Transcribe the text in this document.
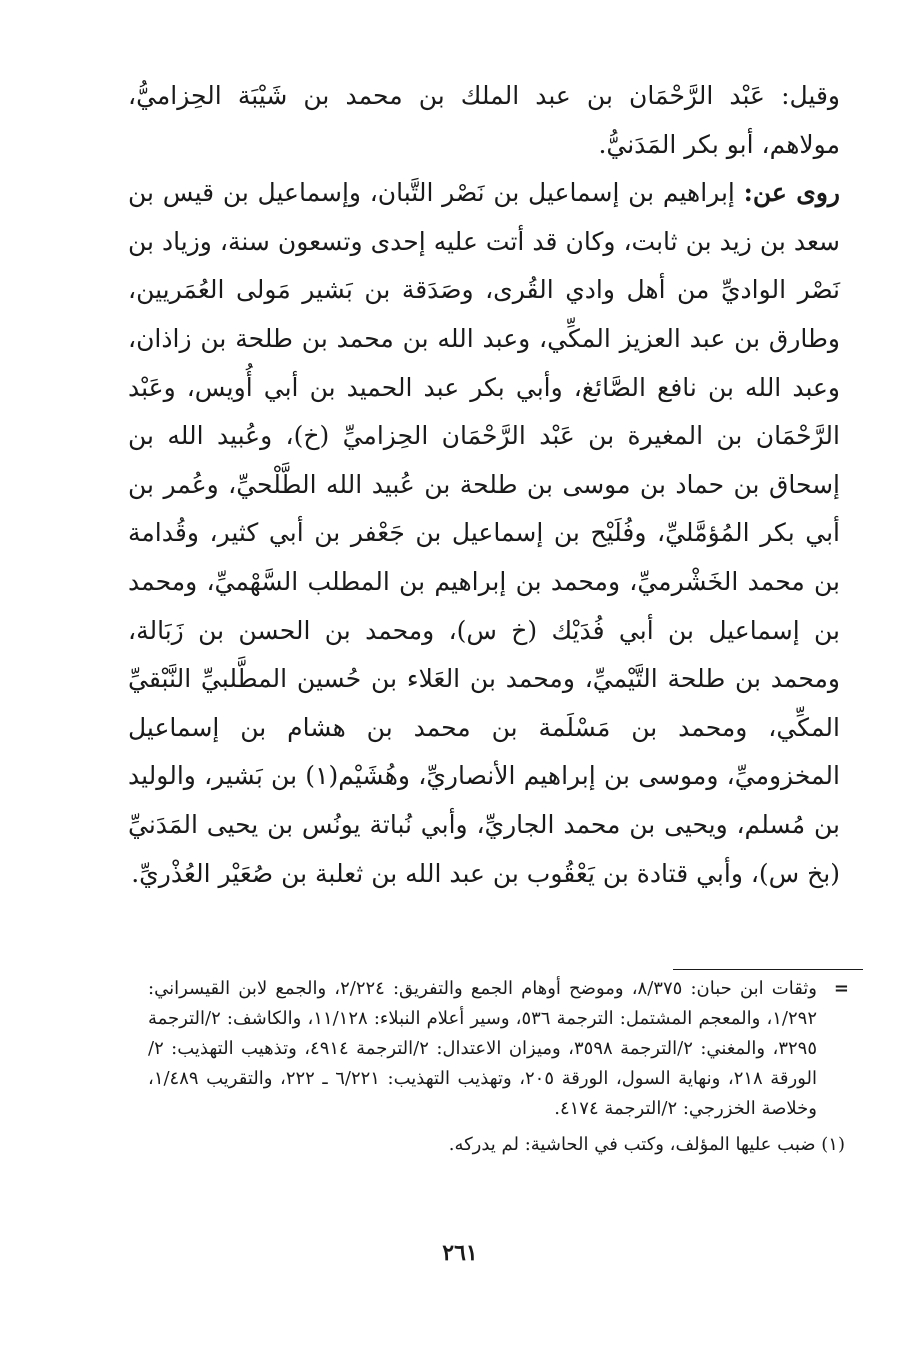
وقيل: عَبْد الرَّحْمَان بن عبد الملك بن محمد بن شَيْبَة الحِزاميُّ، مولاهم، أبو بكر المَدَنيُّ.

روى عن: إبراهيم بن إسماعيل بن نَصْر التَّبان، وإسماعيل بن قيس بن سعد بن زيد بن ثابت، وكان قد أتت عليه إحدى وتسعون سنة، وزياد بن نَصْر الواديِّ من أهل وادي القُرى، وصَدَقة بن بَشير مَولى العُمَريين، وطارق بن عبد العزيز المكِّي، وعبد الله بن محمد بن طلحة بن زاذان، وعبد الله بن نافع الصَّائغ، وأبي بكر عبد الحميد بن أبي أُويس، وعَبْد الرَّحْمَان بن المغيرة بن عَبْد الرَّحْمَان الحِزاميِّ (خ)، وعُبيد الله بن إسحاق بن حماد بن موسى بن طلحة بن عُبيد الله الطَّلْحيِّ، وعُمر بن أبي بكر المُؤمَّليِّ، وفُلَيْح بن إسماعيل بن جَعْفر بن أبي كثير، وقُدامة بن محمد الخَشْرميِّ، ومحمد بن إبراهيم بن المطلب السَّهْميِّ، ومحمد بن إسماعيل بن أبي فُدَيْك (خ س)، ومحمد بن الحسن بن زَبَالة، ومحمد بن طلحة التَّيْميِّ، ومحمد بن العَلاء بن حُسين المطَّلبيِّ النَّبْقيِّ المكِّي، ومحمد بن مَسْلَمة بن محمد بن هشام بن إسماعيل المخزوميِّ، وموسى بن إبراهيم الأنصاريِّ، وهُشَيْم(١) بن بَشير، والوليد بن مُسلم، ويحيى بن محمد الجاريِّ، وأبي نُباتة يونُس بن يحيى المَدَنيِّ (بخ س)، وأبي قتادة بن يَعْقُوب بن عبد الله بن ثعلبة بن صُعَيْر العُذْريِّ.

=
وثقات ابن حبان: ٨/٣٧٥، وموضح أوهام الجمع والتفريق: ٢/٢٢٤، والجمع لابن القيسراني: ١/٢٩٢، والمعجم المشتمل: الترجمة ٥٣٦، وسير أعلام النبلاء: ١١/١٢٨، والكاشف: ٢/الترجمة ٣٢٩٥، والمغني: ٢/الترجمة ٣٥٩٨، وميزان الاعتدال: ٢/الترجمة ٤٩١٤، وتذهيب التهذيب: ٢/الورقة ٢١٨، ونهاية السول، الورقة ٢٠٥، وتهذيب التهذيب: ٦/٢٢١ ـ ٢٢٢، والتقريب ١/٤٨٩، وخلاصة الخزرجي: ٢/الترجمة ٤١٧٤.

(١) ضبب عليها المؤلف، وكتب في الحاشية: لم يدركه.

٢٦١
